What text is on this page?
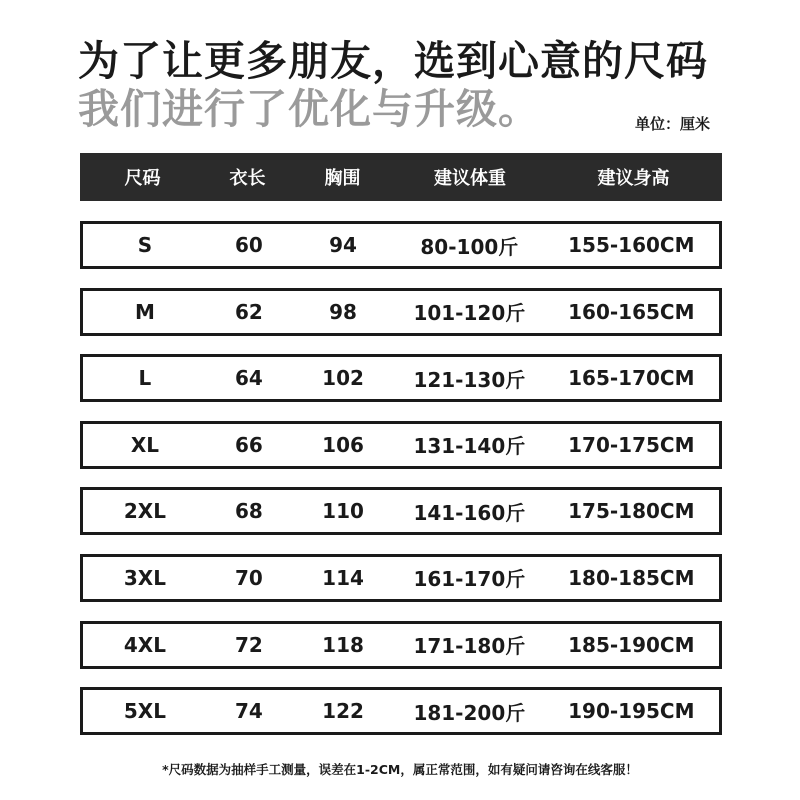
为了让更多朋友，选到心意的尺码
我们进行了优化与升级。	单位：厘米
尺码	衣长	胸围	建议体重	建议身高
S	60	94	80-100斤	155-160CM
M	62	98	101-120斤	160-165CM
L	64	102	121-130斤	165-170CM
XL	66	106	131-140斤	170-175CM
2XL	68	110	141-160斤	175-180CM
3XL	70	114	161-170斤	180-185CM
4XL	72	118	171-180斤	185-190CM
5XL	74	122	181-200斤	190-195CM
*尺码数据为抽样手工测量，误差在1-2CM，属正常范围，如有疑问请咨询在线客服！
